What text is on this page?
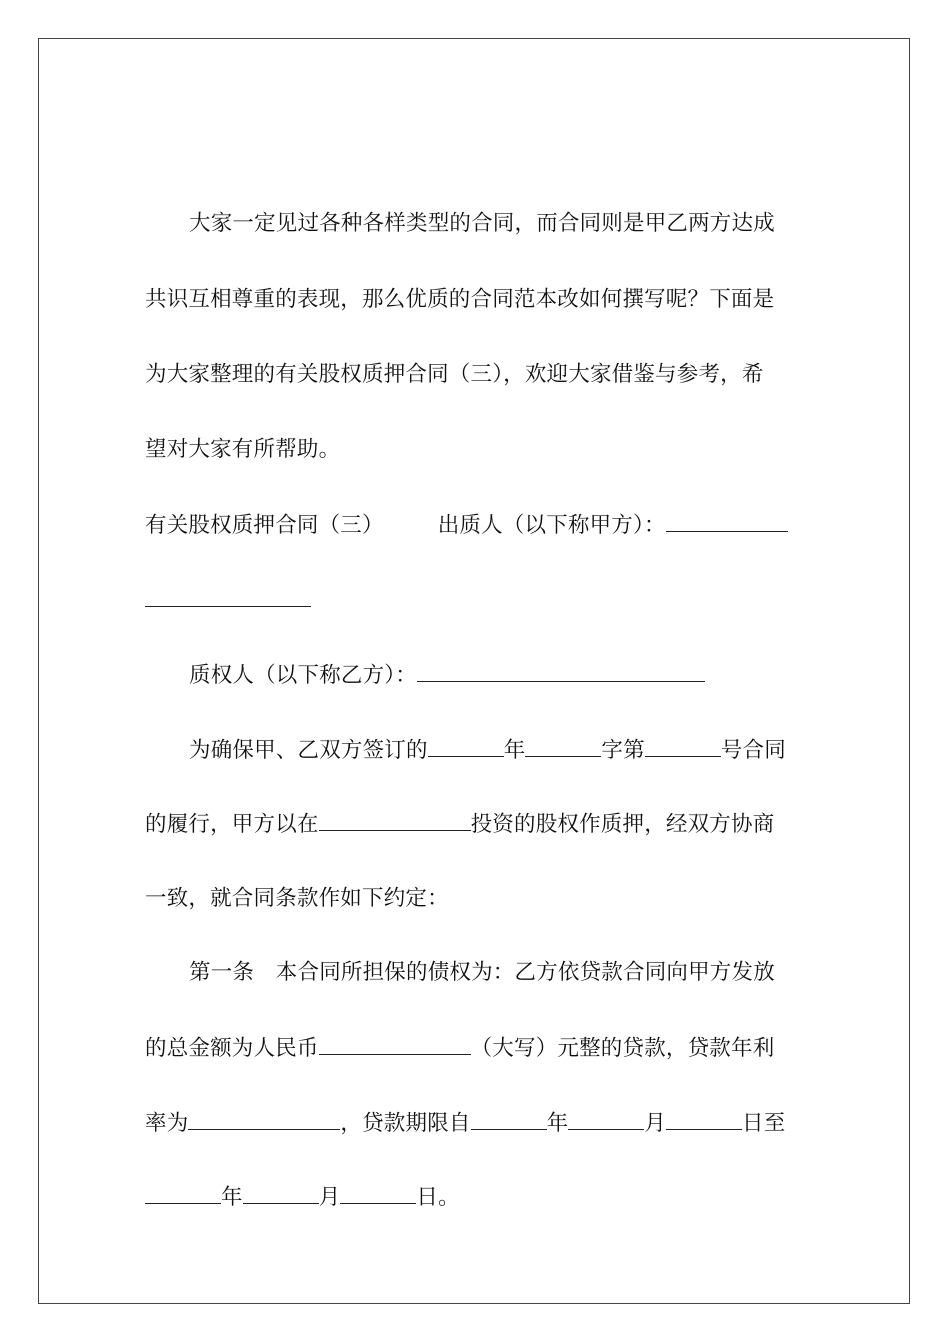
大家一定见过各种各样类型的合同，而合同则是甲乙两方达成
共识互相尊重的表现，那么优质的合同范本改如何撰写呢？下面是
为大家整理的有关股权质押合同（三），欢迎大家借鉴与参考，希
望对大家有所帮助。
有关股权质押合同（三）	出质人（以下称甲方）：
质权人（以下称乙方）：
为确保甲、乙双方签订的	年	字第	号合同
的履行，甲方以在	投资的股权作质押，经双方协商
一致，就合同条款作如下约定：
第一条　本合同所担保的债权为：乙方依贷款合同向甲方发放
的总金额为人民币	（大写）元整的贷款，贷款年利
率为	，贷款期限自	年	月	日至
年	月	日。
